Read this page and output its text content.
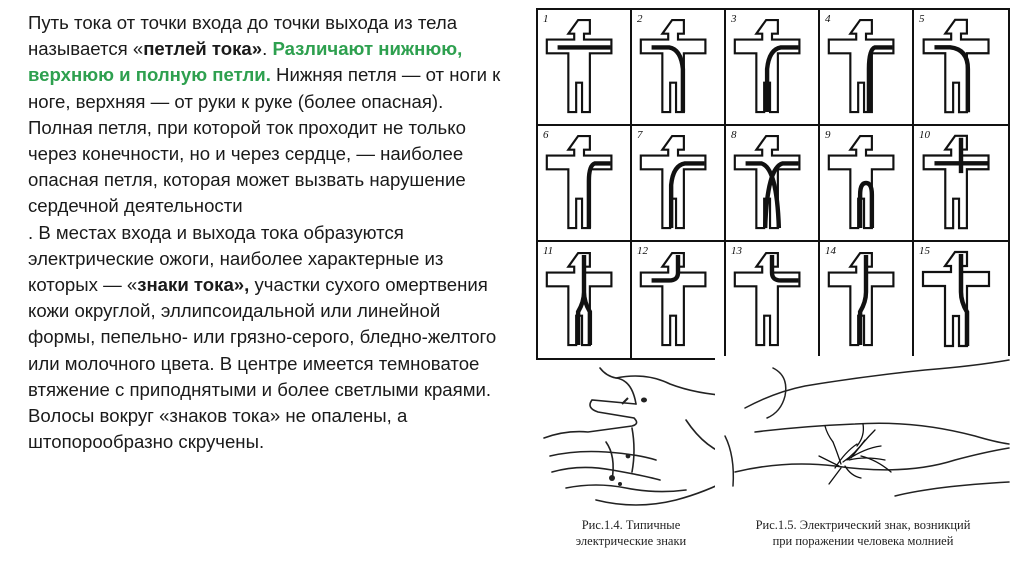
Путь тока от точки входа до точки выхода из тела называется «петлей тока». Различают нижнюю, верхнюю и полную петли. Нижняя петля — от ноги к ноге, верхняя — от руки к руке (более опасная). Полная петля, при которой ток проходит не только через конечности, но и через сердце, — наиболее опасная петля, которая может вызвать нарушение сердечной деятельности
. В местах входа и выхода тока образуются электрические ожоги, наиболее характерные из которых — «знаки тока», участки сухого омертвения кожи округлой, эллипсоидальной или линейной формы, пепельно- или грязно-серого, бледно-желтого или молочного цвета. В центре имеется темноватое втяжение с приподнятыми и более светлыми краями. Волосы вокруг «знаков тока» не опалены, а штопорообразно скручены.
1	2	3	4	5
6	7	8	9	10
11	12	13	14	15
Рис.1.4. Типичные
электрические знаки
Рис.1.5. Электрический знак, возникций
при поражении человека молнией
